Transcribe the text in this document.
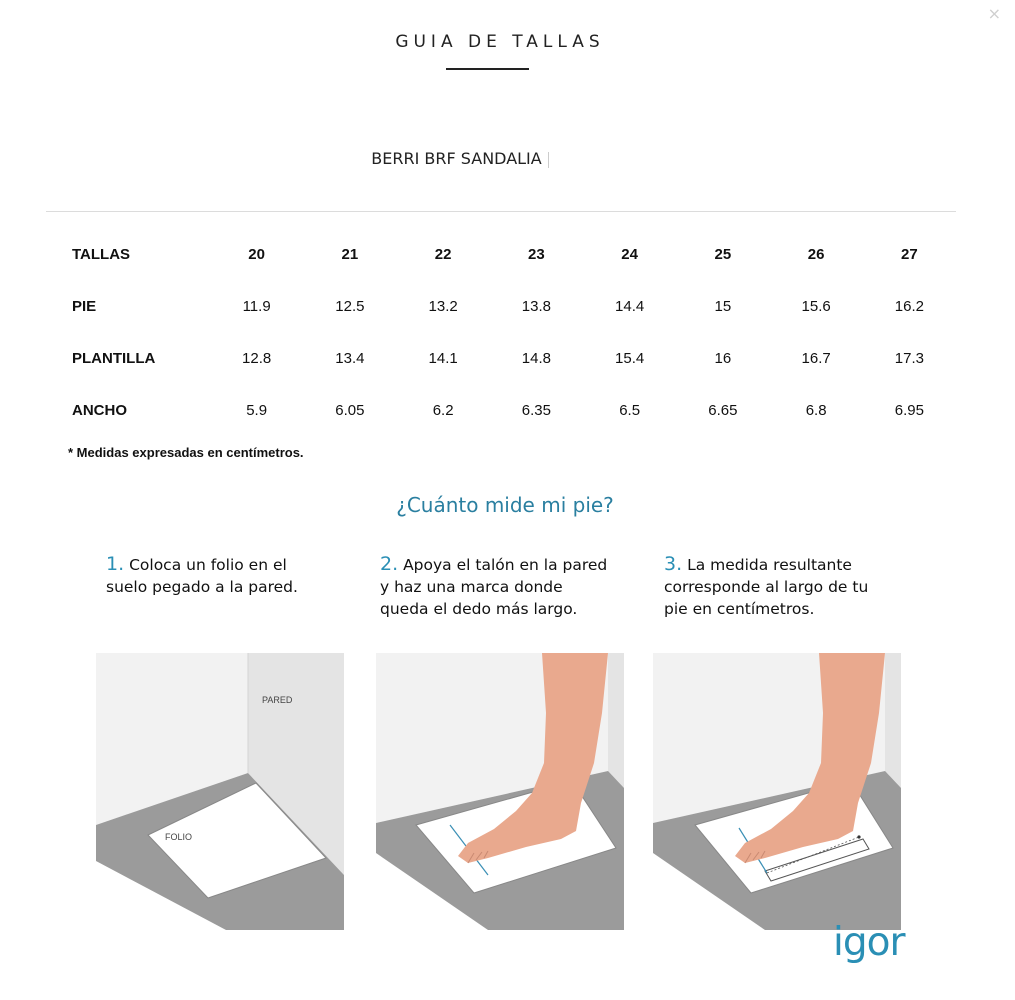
×
GUIA DE TALLAS
BERRI BRF SANDALIA
TALLAS	20	21	22	23	24	25	26	27
PIE	11.9	12.5	13.2	13.8	14.4	15	15.6	16.2
PLANTILLA	12.8	13.4	14.1	14.8	15.4	16	16.7	17.3
ANCHO	5.9	6.05	6.2	6.35	6.5	6.65	6.8	6.95
* Medidas expresadas en centímetros.
¿Cuánto mide mi pie?
1. Coloca un folio en el
suelo pegado a la pared.
2. Apoya el talón en la pared
y haz una marca donde
queda el dedo más largo.
3. La medida resultante
corresponde al largo de tu
pie en centímetros.
PARED
FOLIO
igor
